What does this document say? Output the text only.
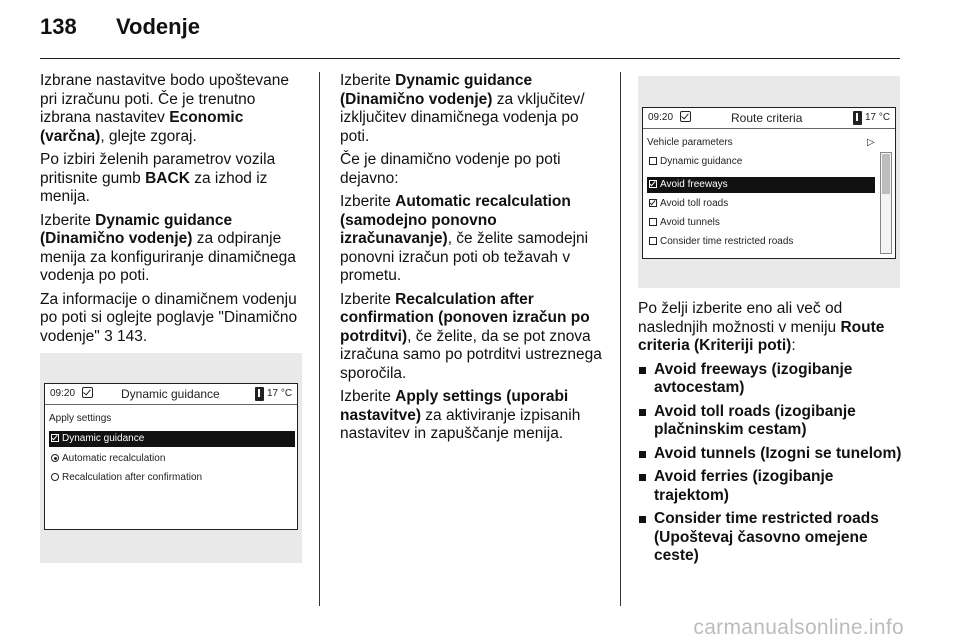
138	Vodenje

Izbrane nastavitve bodo upoštevane pri izračunu poti. Če je trenutno izbrana nastavitev Economic (varčna), glejte zgoraj.

Po izbiri želenih parametrov vozila pritisnite gumb BACK za izhod iz menija.

Izberite Dynamic guidance (Dinamično vodenje) za odpiranje menija za konfiguriranje dinamičnega vodenja po poti.

Za informacije o dinamičnem vodenju po poti si oglejte poglavje "Dinamično vodenje" 3 143.

09:20	Dynamic guidance	17 °C
Apply settings
Dynamic guidance
Automatic recalculation
Recalculation after confirmation

Izberite Dynamic guidance (Dinamično vodenje) za vključitev/ izključitev dinamičnega vodenja po poti.

Če je dinamično vodenje po poti dejavno:

Izberite Automatic recalculation (samodejno ponovno izračunavanje), če želite samodejni ponovni izračun poti ob težavah v prometu.

Izberite Recalculation after confirmation (ponoven izračun po potrditvi), če želite, da se pot znova izračuna samo po potrditvi ustreznega sporočila.

Izberite Apply settings (uporabi nastavitve) za aktiviranje izpisanih nastavitev in zapuščanje menija.

09:20	Route criteria	17 °C
Vehicle parameters	▷
Dynamic guidance
Avoid freeways
Avoid toll roads
Avoid tunnels
Consider time restricted roads

Po želji izberite eno ali več od naslednjih možnosti v meniju Route criteria (Kriteriji poti):

Avoid freeways (izogibanje avtocestam)
Avoid toll roads (izogibanje plačninskim cestam)
Avoid tunnels (Izogni se tunelom)
Avoid ferries (izogibanje trajektom)
Consider time restricted roads (Upoštevaj časovno omejene ceste)
carmanualsonline.info
